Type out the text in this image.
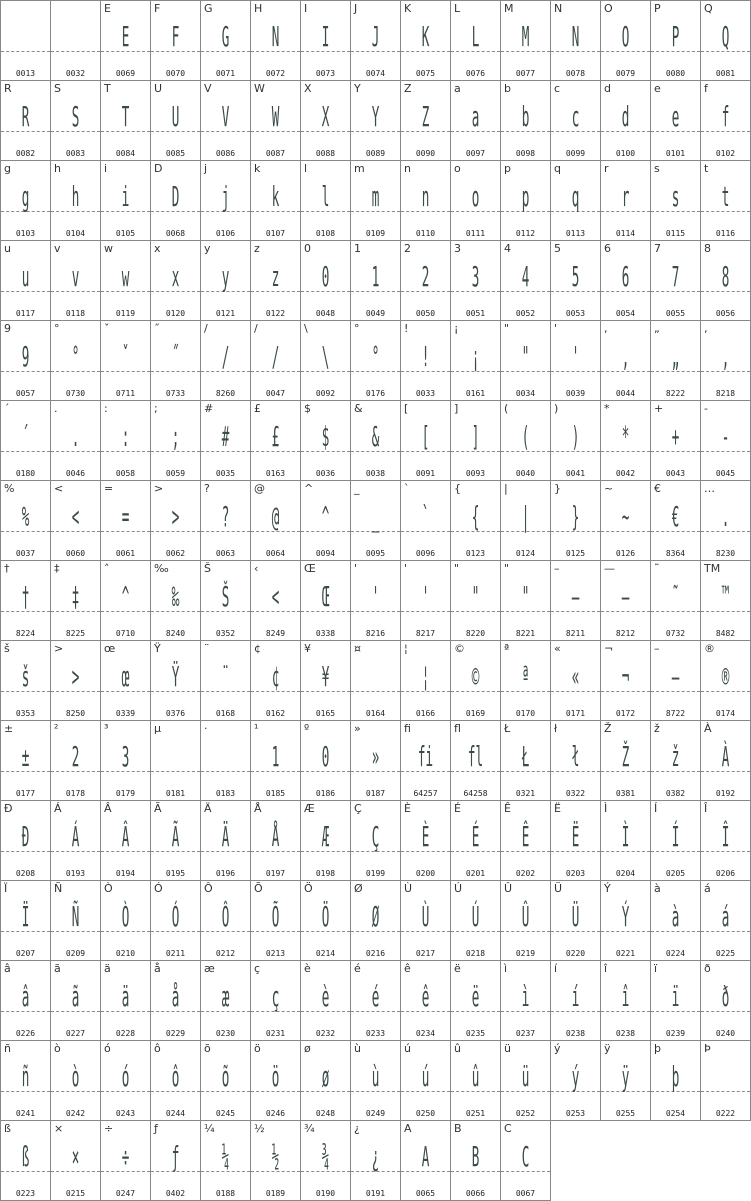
0013	0032
E
E
0069
F
F
0070
G
G
0071
H
N
0072
I
I
0073
J
J
0074
K
K
0075
L
L
0076
M
M
0077
N
N
0078
O
O
0079
P
P
0080
Q
Q
0081
R
R
0082
S
S
0083
T
T
0084
U
U
0085
V
V
0086
W
W
0087
X
X
0088
Y
Y
0089
Z
Z
0090
a
a
0097
b
b
0098
c
c
0099
d
d
0100
e
e
0101
f
f
0102
g
g
0103
h
h
0104
i
i
0105
D
D
0068
j
j
0106
k
k
0107
l
l
0108
m
m
0109
n
n
0110
o
o
0111
p
p
0112
q
q
0113
r
r
0114
s
s
0115
t
t
0116
u
u
0117
v
v
0118
w
w
0119
x
x
0120
y
y
0121
z
z
0122
0
0
0048
1
1
0049
2
2
0050
3
3
0051
4
4
0052
5
5
0053
6
6
0054
7
7
0055
8
8
0056
9
9
0057
°
°
0730
ˇ
ˇ
0711
˝
˝
0733
/
/
8260
/
/
0047
\
\
0092
°
°
0176
!
!
0033
¡
¡
0161
"
"
0034
'
'
0039
,
,
0044
„
„
8222
‚
‚
8218
´
´
0180
.
.
0046
:
:
0058
;
;
0059
#
#
0035
£
£
0163
$
$
0036
&
&
0038
[
[
0091
]
]
0093
(
(
0040
)
)
0041
*
*
0042
+
+
0043
-
-
0045
%
%
0037
<
<
0060
=
=
0061
>
>
0062
?
?
0063
@
@
0064
^
^
0094
_
_
0095
`
`
0096
{
{
0123
|
|
0124
}
}
0125
~
~
0126
€
€
8364
…
.
8230
†
†
8224
‡
‡
8225
˄
^
0710
‰
‰
8240
Š
Š
0352
‹
<
8249
Œ
Œ
0338
'
'
8216
'
'
8217
"
"
8220
"
"
8221
–
–
8211
—
—
8212
˜
˜
0732
TM
™
8482
š
š
0353
>
>
8250
œ
œ
0339
Ÿ
Ÿ
0376
¨
¨
0168
¢
¢
0162
¥
¥
0165
¤
0164
¦
¦
0166
©
©
0169
ª
ª
0170
«
«
0171
¬
¬
0172
–
–
8722
®
®
0174
±
±
0177
²
2
0178
³
3
0179
µ
0181
·
0183
¹
1
0185
º
0
0186
»
»
0187
fi
fi
64257
fl
fl
64258
Ł
Ł
0321
ł
ł
0322
Ž
Ž
0381
ž
ž
0382
À
À
0192
Ð
Ð
0208
Á
Á
0193
Â
Â
0194
Ã
Ã
0195
Ä
Ä
0196
Å
Å
0197
Æ
Æ
0198
Ç
Ç
0199
È
È
0200
É
É
0201
Ê
Ê
0202
Ë
Ë
0203
Ì
Ì
0204
Í
Í
0205
Î
Î
0206
Ï
Ï
0207
Ñ
Ñ
0209
Ò
Ò
0210
Ó
Ó
0211
Ô
Ô
0212
Õ
Õ
0213
Ö
Ö
0214
Ø
Ø
0216
Ù
Ù
0217
Ú
Ú
0218
Û
Û
0219
Ü
Ü
0220
Ý
Ý
0221
à
à
0224
á
á
0225
â
â
0226
ã
ã
0227
ä
ä
0228
å
å
0229
æ
æ
0230
ç
ç
0231
è
è
0232
é
é
0233
ê
ê
0234
ë
ë
0235
ì
ì
0237
í
í
0238
î
î
0238
ï
ï
0239
ð
ð
0240
ñ
ñ
0241
ò
ò
0242
ó
ó
0243
ô
ô
0244
õ
õ
0245
ö
ö
0246
ø
ø
0248
ù
ù
0249
ú
ú
0250
û
û
0251
ü
ü
0252
ý
ý
0253
ÿ
ÿ
0255
þ
þ
0254
Þ
0222
ß
ß
0223
×
×
0215
÷
÷
0247
ƒ
ƒ
0402
¼
¼
0188
½
½
0189
¾
¾
0190
¿
¿
0191
A
A
0065
B
B
0066
C
C
0067
